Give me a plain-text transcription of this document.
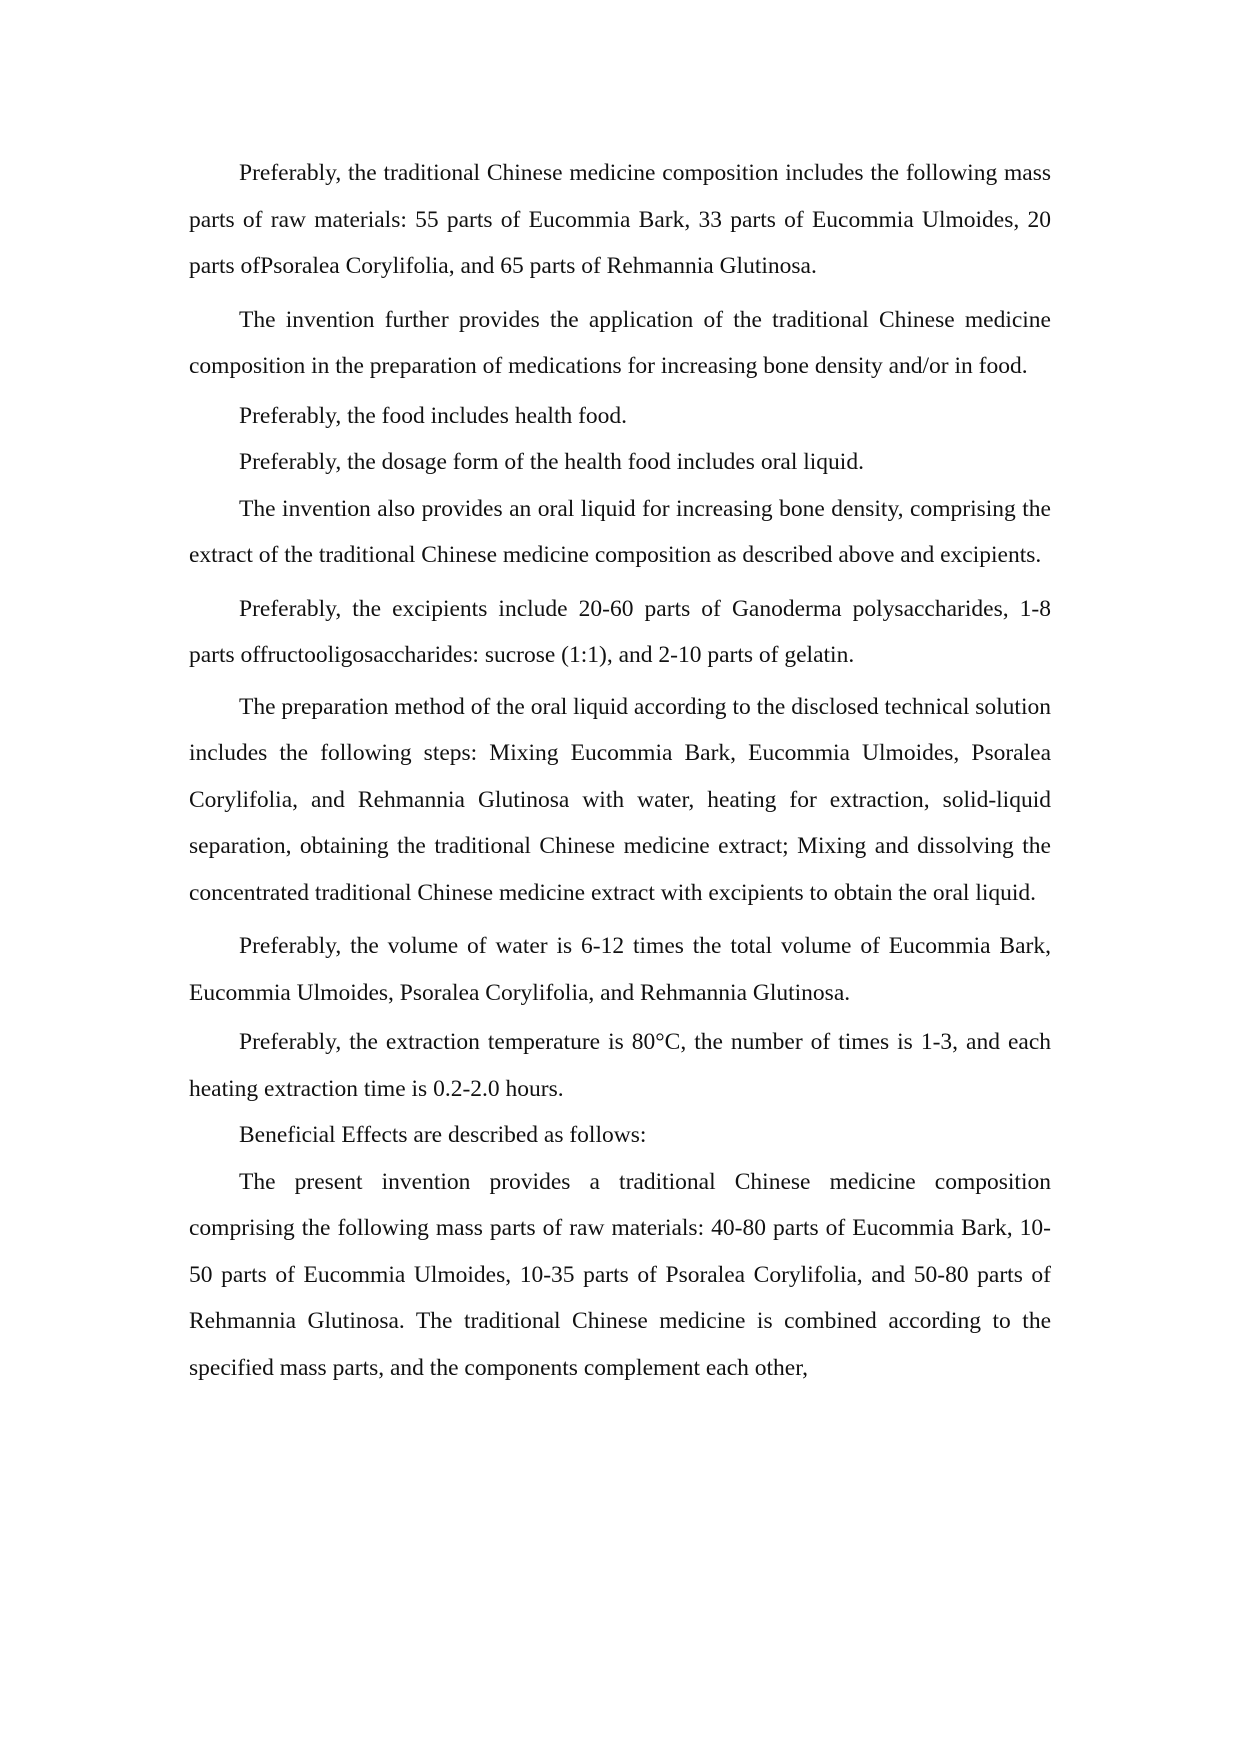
Preferably, the traditional Chinese medicine composition includes the following mass parts of raw materials: 55 parts of Eucommia Bark, 33 parts of Eucommia Ulmoides, 20 parts ofPsoralea Corylifolia, and 65 parts of Rehmannia Glutinosa.

The invention further provides the application of the traditional Chinese medicine composition in the preparation of medications for increasing bone density and/or in food.

Preferably, the food includes health food.

Preferably, the dosage form of the health food includes oral liquid.

The invention also provides an oral liquid for increasing bone density, comprising the extract of the traditional Chinese medicine composition as described above and excipients.

Preferably, the excipients include 20-60 parts of Ganoderma polysaccharides, 1-8 parts offructooligosaccharides: sucrose (1:1), and 2-10 parts of gelatin.

The preparation method of the oral liquid according to the disclosed technical solution includes the following steps: Mixing Eucommia Bark, Eucommia Ulmoides, Psoralea Corylifolia, and Rehmannia Glutinosa with water, heating for extraction, solid-liquid separation, obtaining the traditional Chinese medicine extract; Mixing and dissolving the concentrated traditional Chinese medicine extract with excipients to obtain the oral liquid.

Preferably, the volume of water is 6-12 times the total volume of Eucommia Bark, Eucommia Ulmoides, Psoralea Corylifolia, and Rehmannia Glutinosa.

Preferably, the extraction temperature is 80°C, the number of times is 1-3, and each heating extraction time is 0.2-2.0 hours.

Beneficial Effects are described as follows:

The present invention provides a traditional Chinese medicine composition comprising the following mass parts of raw materials: 40-80 parts of Eucommia Bark, 10-50 parts of Eucommia Ulmoides, 10-35 parts of Psoralea Corylifolia, and 50-80 parts of Rehmannia Glutinosa. The traditional Chinese medicine is combined according to the specified mass parts, and the components complement each other,
